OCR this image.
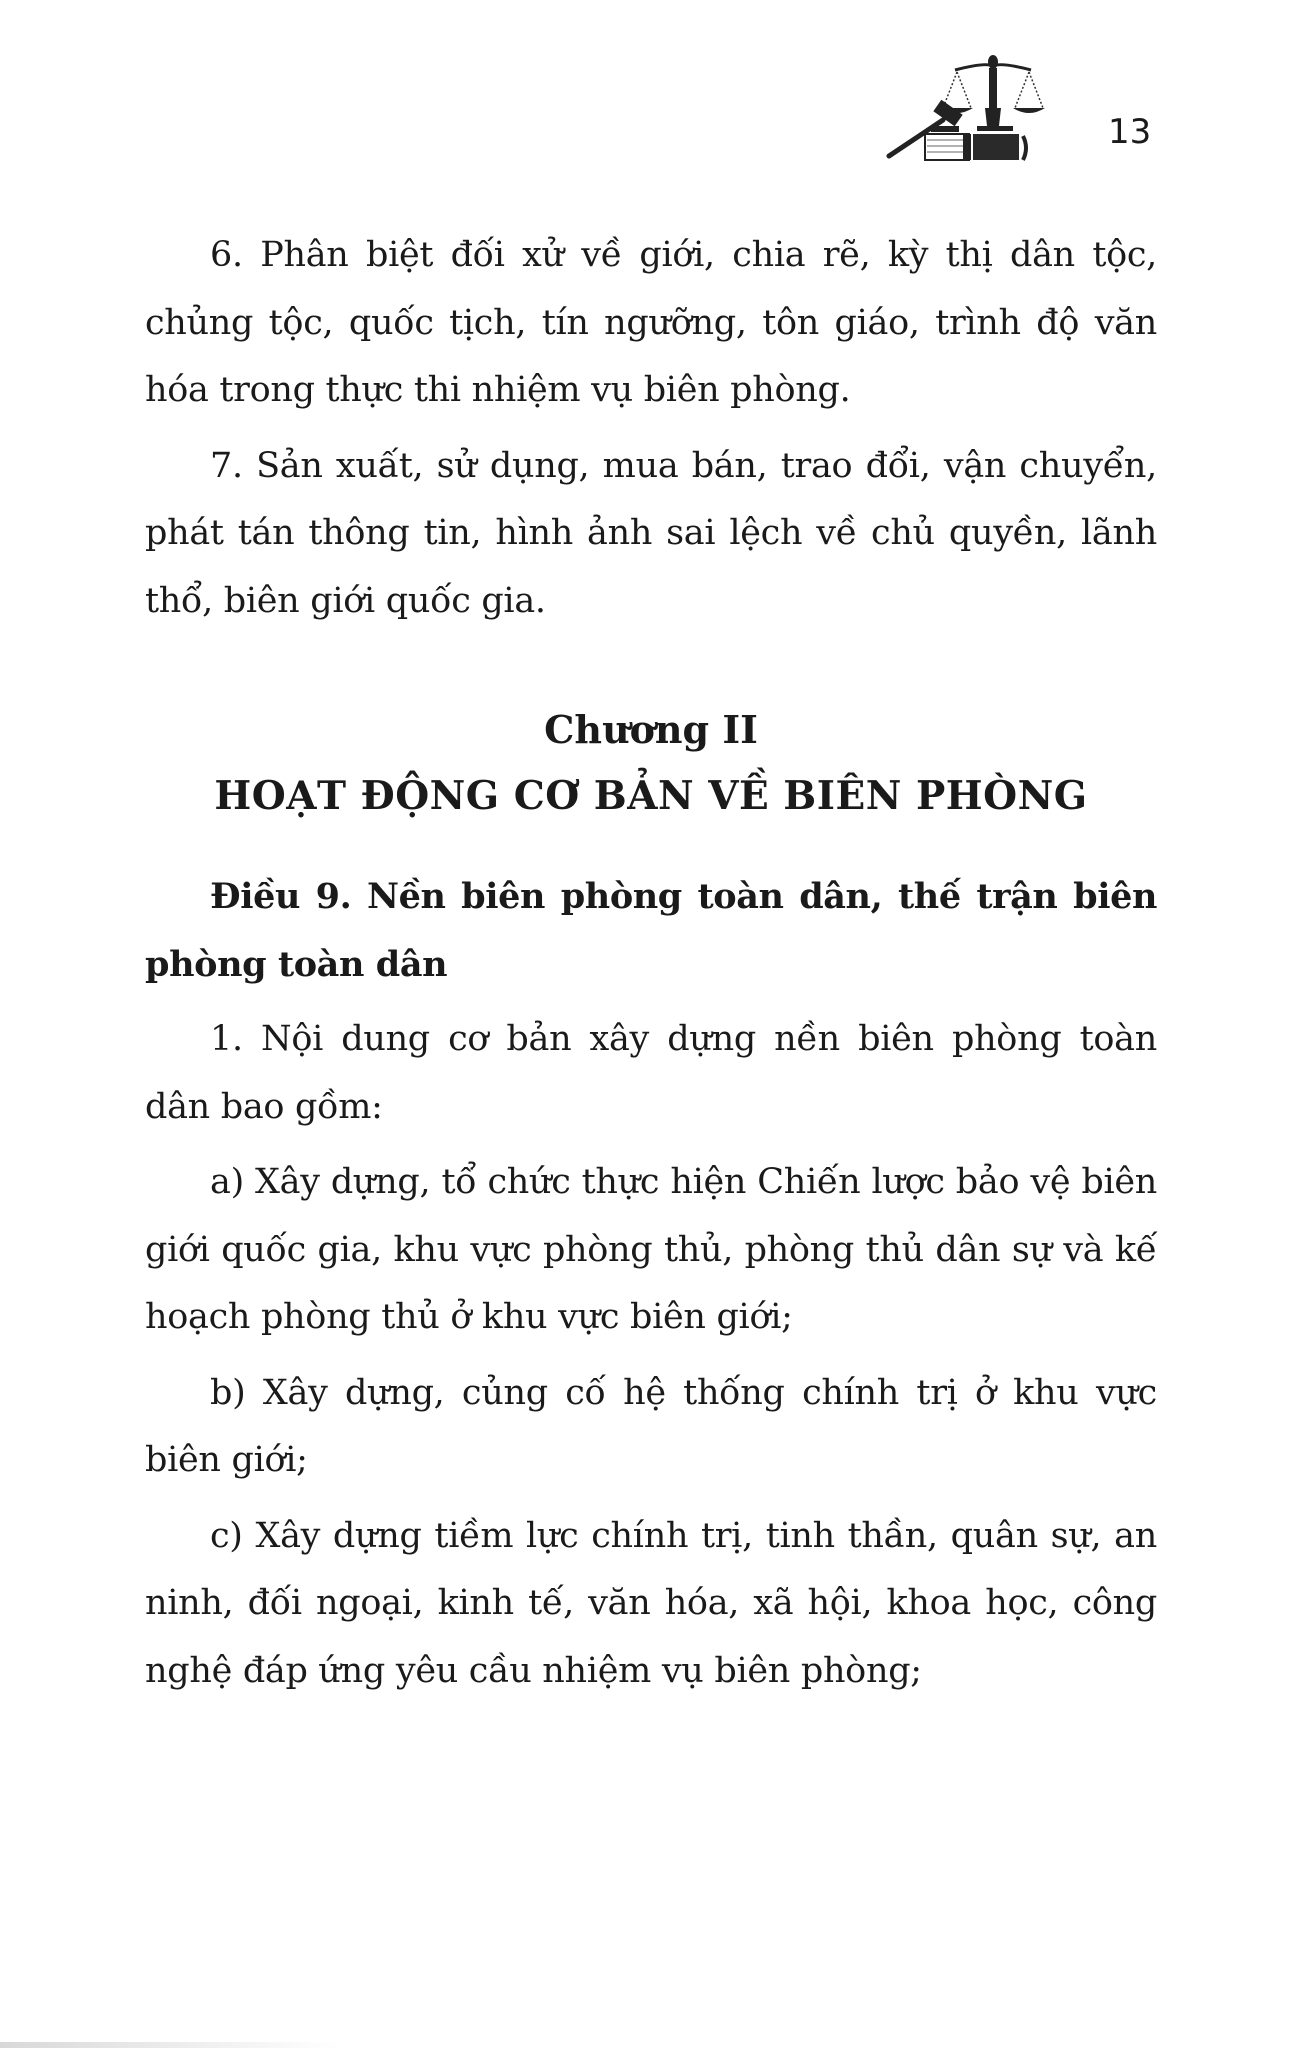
13

6. Phân biệt đối xử về giới, chia rẽ, kỳ thị dân tộc, chủng tộc, quốc tịch, tín ngưỡng, tôn giáo, trình độ văn hóa trong thực thi nhiệm vụ biên phòng.

7. Sản xuất, sử dụng, mua bán, trao đổi, vận chuyển, phát tán thông tin, hình ảnh sai lệch về chủ quyền, lãnh thổ, biên giới quốc gia.

Chương II
HOẠT ĐỘNG CƠ BẢN VỀ BIÊN PHÒNG
Điều 9. Nền biên phòng toàn dân, thế trận biên phòng toàn dân

1. Nội dung cơ bản xây dựng nền biên phòng toàn dân bao gồm:

a) Xây dựng, tổ chức thực hiện Chiến lược bảo vệ biên giới quốc gia, khu vực phòng thủ, phòng thủ dân sự và kế hoạch phòng thủ ở khu vực biên giới;

b) Xây dựng, củng cố hệ thống chính trị ở khu vực biên giới;

c) Xây dựng tiềm lực chính trị, tinh thần, quân sự, an ninh, đối ngoại, kinh tế, văn hóa, xã hội, khoa học, công nghệ đáp ứng yêu cầu nhiệm vụ biên phòng;
